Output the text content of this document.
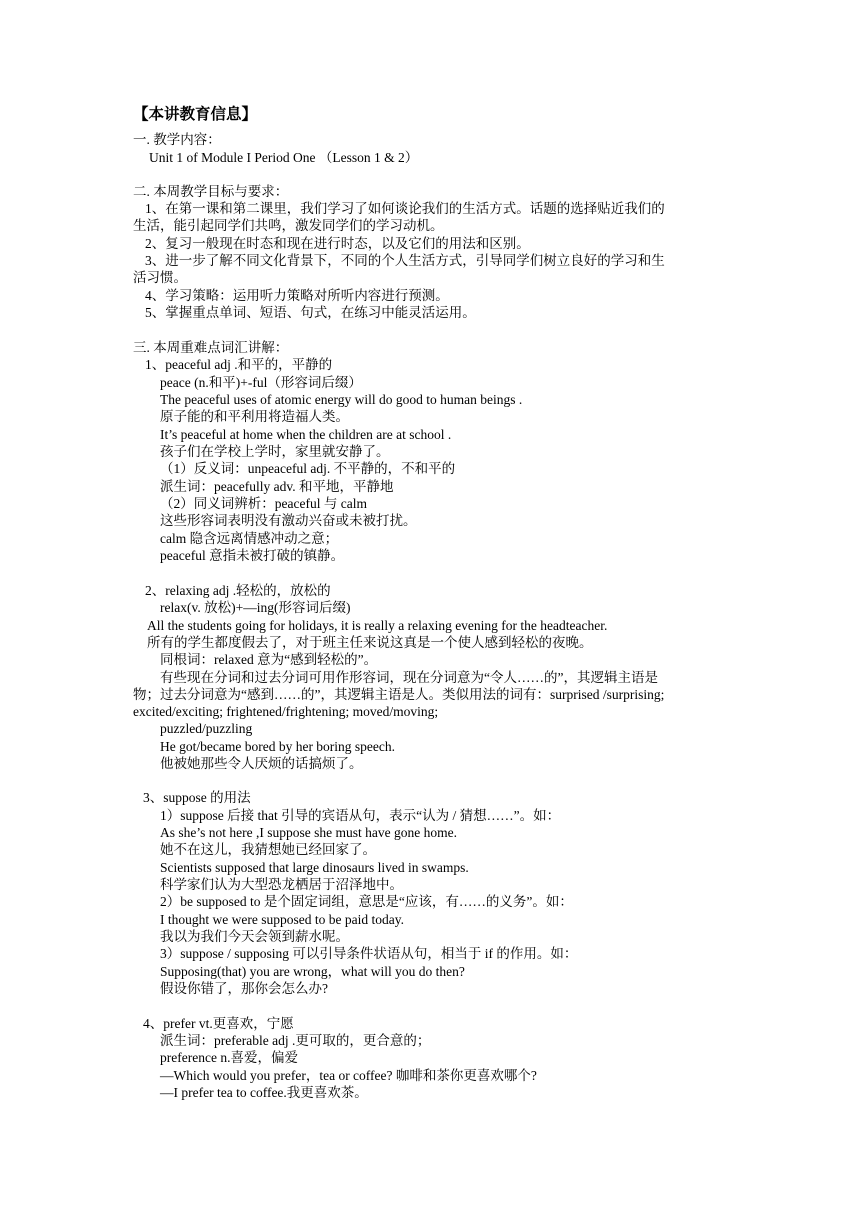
【本讲教育信息】
一. 教学内容：
Unit 1 of Module I Period One （Lesson 1 & 2）
二. 本周教学目标与要求：
1、在第一课和第二课里，我们学习了如何谈论我们的生活方式。话题的选择贴近我们的
生活，能引起同学们共鸣，激发同学们的学习动机。
2、复习一般现在时态和现在进行时态，以及它们的用法和区别。
3、进一步了解不同文化背景下，不同的个人生活方式，引导同学们树立良好的学习和生
活习惯。
4、学习策略：运用听力策略对所听内容进行预测。
5、掌握重点单词、短语、句式，在练习中能灵活运用。
三. 本周重难点词汇讲解：
1、peaceful adj .和平的，平静的
peace (n.和平)+-ful（形容词后缀）
The peaceful uses of atomic energy will do good to human beings .
原子能的和平利用将造福人类。
It’s peaceful at home when the children are at school .
孩子们在学校上学时，家里就安静了。
（1）反义词：unpeaceful adj. 不平静的，不和平的
派生词：peacefully adv. 和平地，平静地
（2）同义词辨析：peaceful 与 calm
这些形容词表明没有激动兴奋或未被打扰。
calm 隐含远离情感冲动之意；
peaceful 意指未被打破的镇静。
2、relaxing adj .轻松的，放松的
relax(v. 放松)+—ing(形容词后缀)
All the students going for holidays, it is really a relaxing evening for the headteacher.
所有的学生都度假去了，对于班主任来说这真是一个使人感到轻松的夜晚。
同根词：relaxed 意为“感到轻松的”。
有些现在分词和过去分词可用作形容词，现在分词意为“令人……的”，其逻辑主语是
物；过去分词意为“感到……的”，其逻辑主语是人。类似用法的词有：surprised /surprising;
excited/exciting; frightened/frightening; moved/moving;
puzzled/puzzling
He got/became bored by her boring speech.
他被她那些令人厌烦的话搞烦了。
3、suppose 的用法
1）suppose 后接 that 引导的宾语从句，表示“认为 / 猜想……”。如：
As she’s not here ,I suppose she must have gone home.
她不在这儿，我猜想她已经回家了。
Scientists supposed that large dinosaurs lived in swamps.
科学家们认为大型恐龙栖居于沼泽地中。
2）be supposed to 是个固定词组，意思是“应该，有……的义务”。如：
I thought we were supposed to be paid today.
我以为我们今天会领到薪水呢。
3）suppose / supposing 可以引导条件状语从句，相当于 if 的作用。如：
Supposing(that) you are wrong，what will you do then?
假设你错了，那你会怎么办?
4、prefer vt.更喜欢，宁愿
派生词：preferable adj .更可取的，更合意的；
preference n.喜爱，偏爱
—Which would you prefer，tea or coffee? 咖啡和茶你更喜欢哪个?
—I prefer tea to coffee.我更喜欢茶。
